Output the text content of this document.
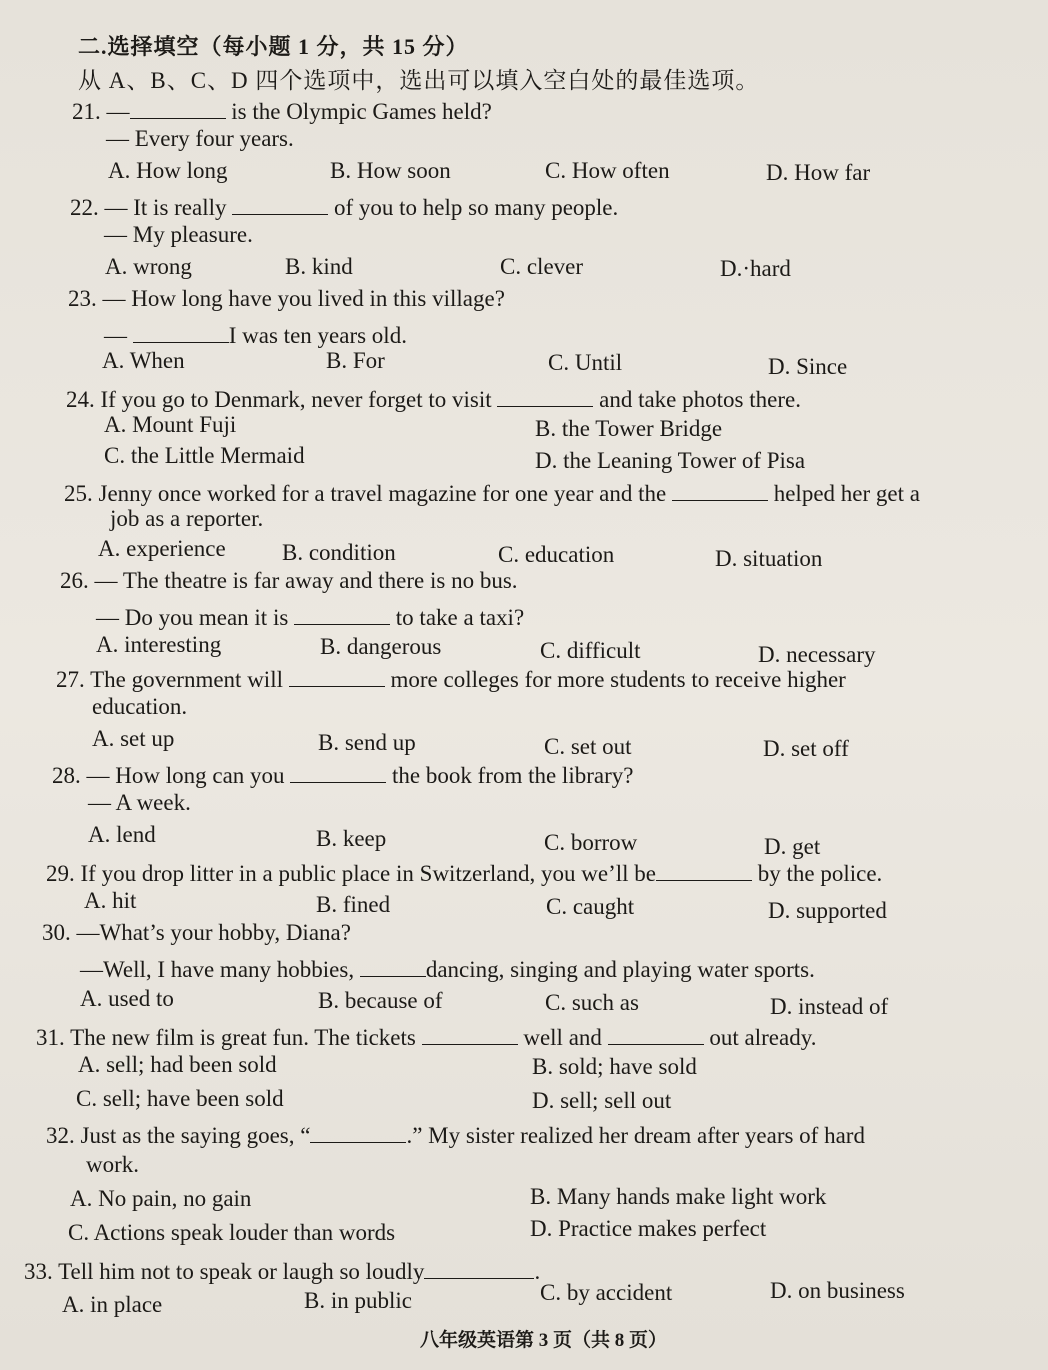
二.选择填空（每小题 1 分，共 15 分）
从 A、B、C、D 四个选项中，选出可以填入空白处的最佳选项。
21. —	is the Olympic Games held?
— Every four years.
A. How long	B. How soon	C. How often	D. How far
22. — It is really	of you to help so many people.
— My pleasure.
A. wrong	B. kind	C. clever	D.·hard
23. — How long have you lived in this village?
—	I was ten years old.
A. When	B. For	C. Until	D. Since
24. If you go to Denmark, never forget to visit	and take photos there.
A. Mount Fuji	B. the Tower Bridge
C. the Little Mermaid	D. the Leaning Tower of Pisa
25. Jenny once worked for a travel magazine for one year and the	helped her get a
job as a reporter.
A. experience B. condition	C. education	D. situation
26. — The theatre is far away and there is no bus.
— Do you mean it is	to take a taxi?
A. interesting	B. dangerous	C. difficult	D. necessary
27. The government will	more colleges for more students to receive higher
education.
A. set up	B. send up	C. set out	D. set off
28. — How long can you	the book from the library?
— A week.
A. lend	B. keep	C. borrow	D. get
29. If you drop litter in a public place in Switzerland, you we’ll be	by the police.
A. hit	B. fined	C. caught	D. supported
30. —What’s your hobby, Diana?
—Well, I have many hobbies,	dancing, singing and playing water sports.
A. used to	B. because of	C. such as	D. instead of
31. The new film is great fun. The tickets	well and	out already.
A. sell; had been sold	B. sold; have sold
C. sell; have been sold	D. sell; sell out
32. Just as the saying goes, “	.” My sister realized her dream after years of hard
work.
A. No pain, no gain	B. Many hands make light work
C. Actions speak louder than words	D. Practice makes perfect
33. Tell him not to speak or laugh so loudly	.
A. in place	B. in public	C. by accident	D. on business
八年级英语第 3 页（共 8 页）
